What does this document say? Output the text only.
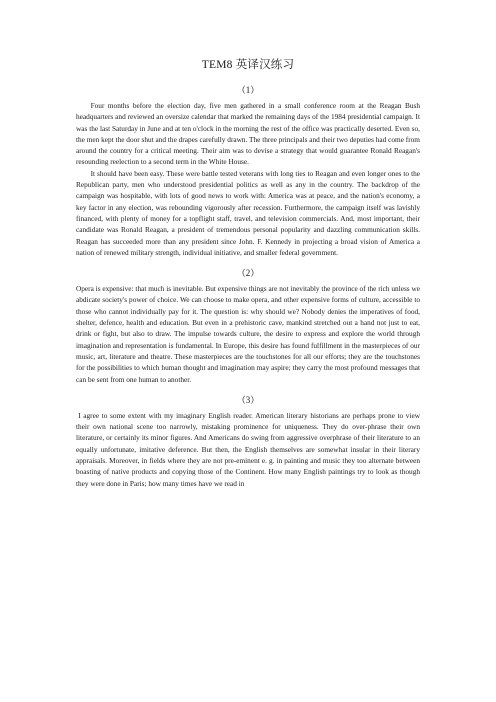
TEM8 英译汉练习
（1）

Four months before the election day, five men gathered in a small conference room at the Reagan Bush headquarters and reviewed an oversize calendar that marked the remaining days of the 1984 presidential campaign. It was the last Saturday in June and at ten o'clock in the morning the rest of the office was practically deserted. Even so, the men kept the door shut and the drapes carefully drawn. The three principals and their two deputies had come from around the country for a critical meeting. Their aim was to devise a strategy that would guarantee Ronald Reagan's resounding reelection to a second term in the White House.

It should have been easy. These were battle tested veterans with long ties to Reagan and even longer ones to the Republican party, men who understood presidential politics as well as any in the country. The backdrop of the campaign was hospitable, with lots of good news to work with: America was at peace, and the nation's economy, a key factor in any election, was rebounding vigorously after recession. Furthermore, the campaign itself was lavishly financed, with plenty of money for a topflight staff, travel, and television commercials. And, most important, their candidate was Ronald Reagan, a president of tremendous personal popularity and dazzling communication skills. Reagan has succeeded more than any president since John. F. Kennedy in projecting a broad vision of America a nation of renewed military strength, individual initiative, and smaller federal government.

（2）

Opera is expensive: that much is inevitable. But expensive things are not inevitably the province of the rich unless we abdicate society's power of choice. We can choose to make opera, and other expensive forms of culture, accessible to those who cannot individually pay for it. The question is: why should we? Nobody denies the imperatives of food, shelter, defence, health and education. But even in a prehistoric cave, mankind stretched out a hand not just to eat, drink or fight, but also to draw. The impulse towards culture, the desire to express and explore the world through imagination and representation is fundamental. In Europe, this desire has found fulfillment in the masterpieces of our music, art, literature and theatre. These masterpieces are the touchstones for all our efforts; they are the touchstones for the possibilities to which human thought and imagination may aspire; they carry the most profound messages that can be sent from one human to another.

（3）

I agree to some extent with my imaginary English reader. American literary historians are perhaps prone to view their own national scene too narrowly, mistaking prominence for uniqueness. They do over-phrase their own literature, or certainly its minor figures. And Americans do swing from aggressive overphrase of their literature to an equally unfortunate, imitative deference. But then, the English themselves are somewhat insular in their literary appraisals. Moreover, in fields where they are not pre-eminent e. g. in painting and music they too alternate between boasting of native products and copying those of the Continent. How many English paintings try to look as though they were done in Paris; how many times have we read in
